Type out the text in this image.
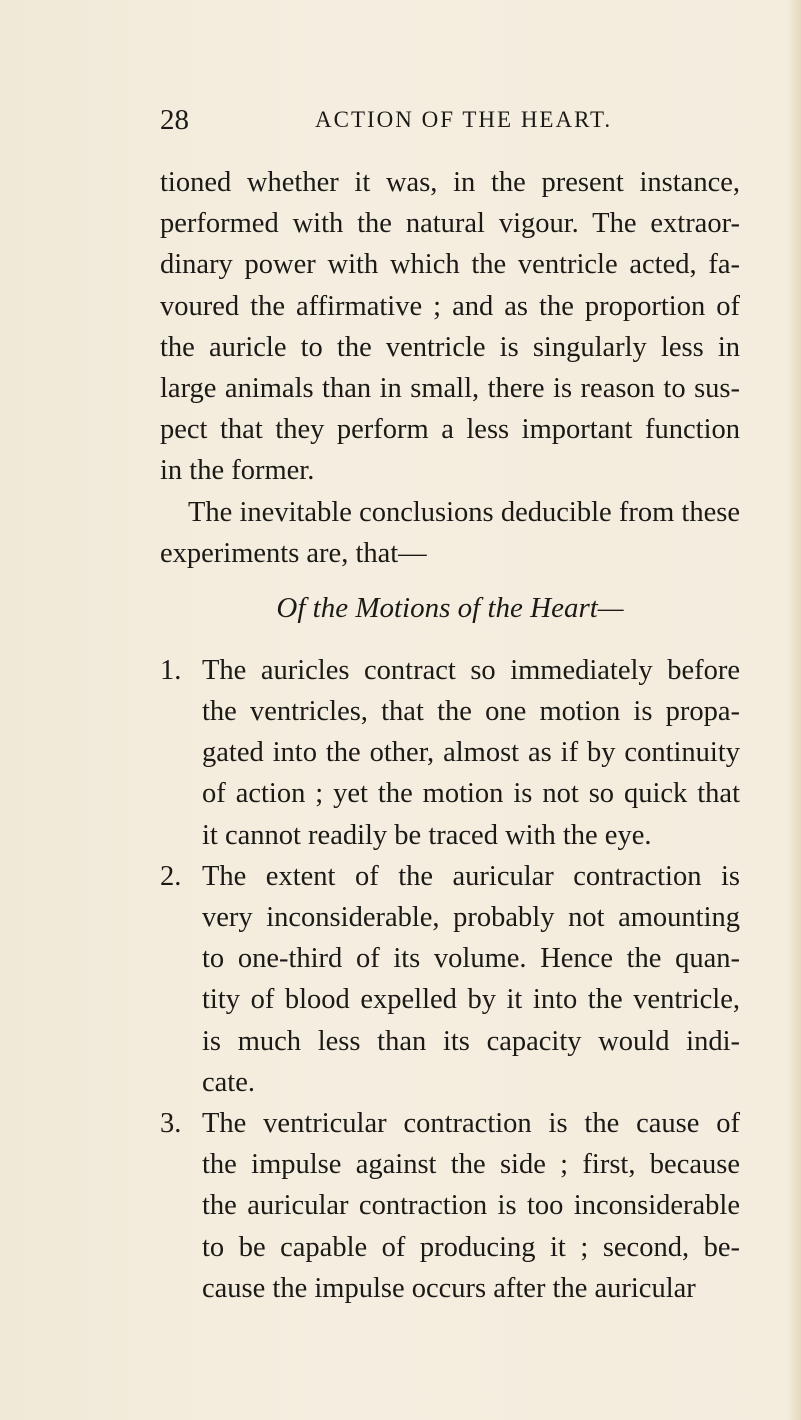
28	ACTION OF THE HEART.
tioned whether it was, in the present instance,
performed with the natural vigour. The extraor-
dinary power with which the ventricle acted, fa-
voured the affirmative ; and as the proportion of
the auricle to the ventricle is singularly less in
large animals than in small, there is reason to sus-
pect that they perform a less important function
in the former.
The inevitable conclusions deducible from these
experiments are, that—
Of the Motions of the Heart—
1. The auricles contract so immediately before
the ventricles, that the one motion is propa-
gated into the other, almost as if by continuity
of action ; yet the motion is not so quick that
it cannot readily be traced with the eye.
2. The extent of the auricular contraction is
very inconsiderable, probably not amounting
to one-third of its volume. Hence the quan-
tity of blood expelled by it into the ventricle,
is much less than its capacity would indi-
cate.
3. The ventricular contraction is the cause of
the impulse against the side ; first, because
the auricular contraction is too inconsiderable
to be capable of producing it ; second, be-
cause the impulse occurs after the auricular
